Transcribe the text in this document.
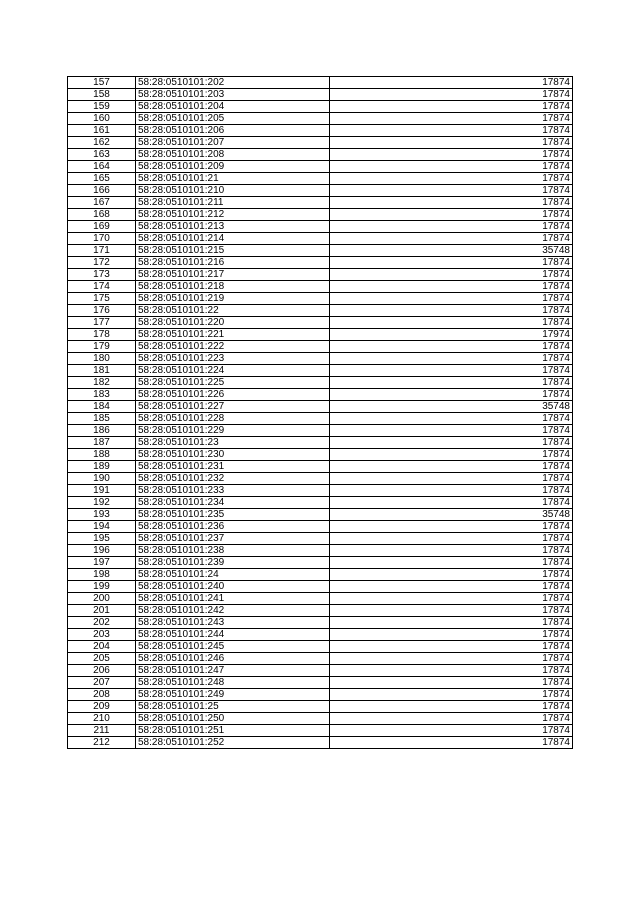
157	58:28:0510101:202	17874
158	58:28:0510101:203	17874
159	58:28:0510101:204	17874
160	58:28:0510101:205	17874
161	58:28:0510101:206	17874
162	58:28:0510101:207	17874
163	58:28:0510101:208	17874
164	58:28:0510101:209	17874
165	58:28:0510101:21	17874
166	58:28:0510101:210	17874
167	58:28:0510101:211	17874
168	58:28:0510101:212	17874
169	58:28:0510101:213	17874
170	58:28:0510101:214	17874
171	58:28:0510101:215	35748
172	58:28:0510101:216	17874
173	58:28:0510101:217	17874
174	58:28:0510101:218	17874
175	58:28:0510101:219	17874
176	58:28:0510101:22	17874
177	58:28:0510101:220	17874
178	58:28:0510101:221	17974
179	58:28:0510101:222	17874
180	58:28:0510101:223	17874
181	58:28:0510101:224	17874
182	58:28:0510101:225	17874
183	58:28:0510101:226	17874
184	58:28:0510101:227	35748
185	58:28:0510101:228	17874
186	58:28:0510101:229	17874
187	58:28:0510101:23	17874
188	58:28:0510101:230	17874
189	58:28:0510101:231	17874
190	58:28:0510101:232	17874
191	58:28:0510101:233	17874
192	58:28:0510101:234	17874
193	58:28:0510101:235	35748
194	58:28:0510101:236	17874
195	58:28:0510101:237	17874
196	58:28:0510101:238	17874
197	58:28:0510101:239	17874
198	58:28:0510101:24	17874
199	58:28:0510101:240	17874
200	58:28:0510101:241	17874
201	58:28:0510101:242	17874
202	58:28:0510101:243	17874
203	58:28:0510101:244	17874
204	58:28:0510101:245	17874
205	58:28:0510101:246	17874
206	58:28:0510101:247	17874
207	58:28:0510101:248	17874
208	58:28:0510101:249	17874
209	58:28:0510101:25	17874
210	58:28:0510101:250	17874
211	58:28:0510101:251	17874
212	58:28:0510101:252	17874
